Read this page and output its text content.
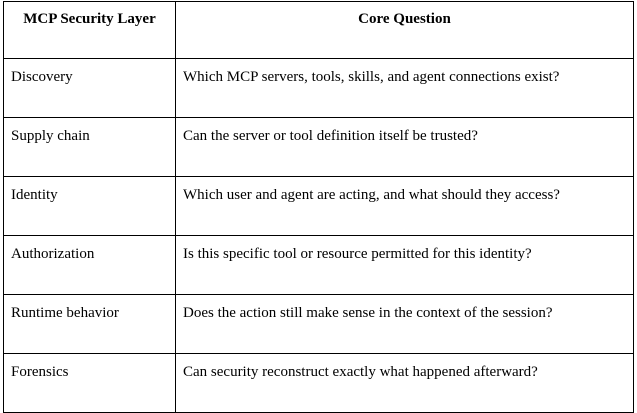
MCP Security Layer	Core Question
Discovery	Which MCP servers, tools, skills, and agent connections exist?
Supply chain	Can the server or tool definition itself be trusted?
Identity	Which user and agent are acting, and what should they access?
Authorization	Is this specific tool or resource permitted for this identity?
Runtime behavior	Does the action still make sense in the context of the session?
Forensics	Can security reconstruct exactly what happened afterward?
